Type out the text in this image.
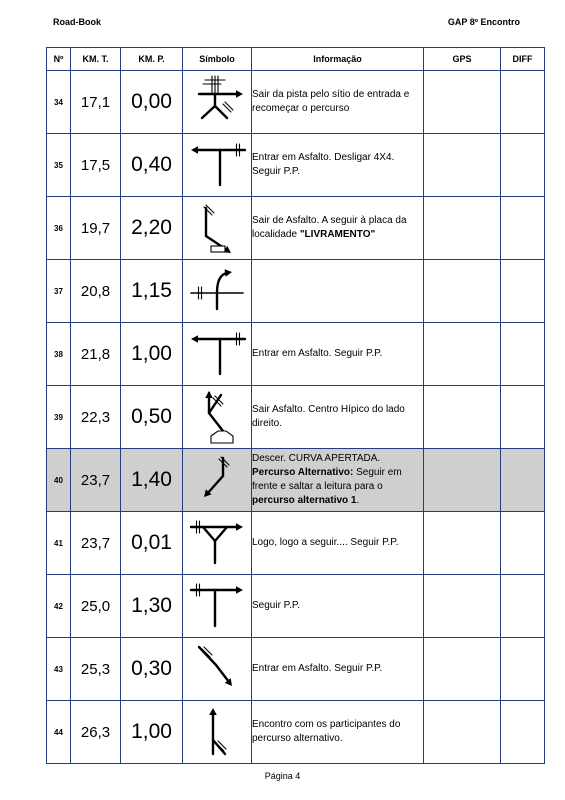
Road-Book	GAP 8º Encontro
Nº	KM. T.	KM. P.	Símbolo	Informação	GPS	DIFF
34	17,1	0,00		Sair da pista pelo sítio de entrada e recomeçar o percurso		
35	17,5	0,40		Entrar em Asfalto. Desligar 4X4. Seguir P.P.		
36	19,7	2,20		Sair de Asfalto. A seguir à placa da localidade "LIVRAMENTO"		
37	20,8	1,15	

38	21,8	1,00		Entrar em Asfalto. Seguir P.P.		
39	22,3	0,50		Sair Asfalto. Centro Hípico do lado direito.		
40	23,7	1,40		Descer. CURVA APERTADA. Percurso Alternativo: Seguir em frente e saltar a leitura para o percurso alternativo 1.		
41	23,7	0,01		Logo, logo a seguir.... Seguir P.P.		
42	25,0	1,30		Seguir P.P.		
43	25,3	0,30		Entrar em Asfalto. Seguir P.P.		
44	26,3	1,00		Encontro com os participantes do percurso alternativo.		
Página 4
